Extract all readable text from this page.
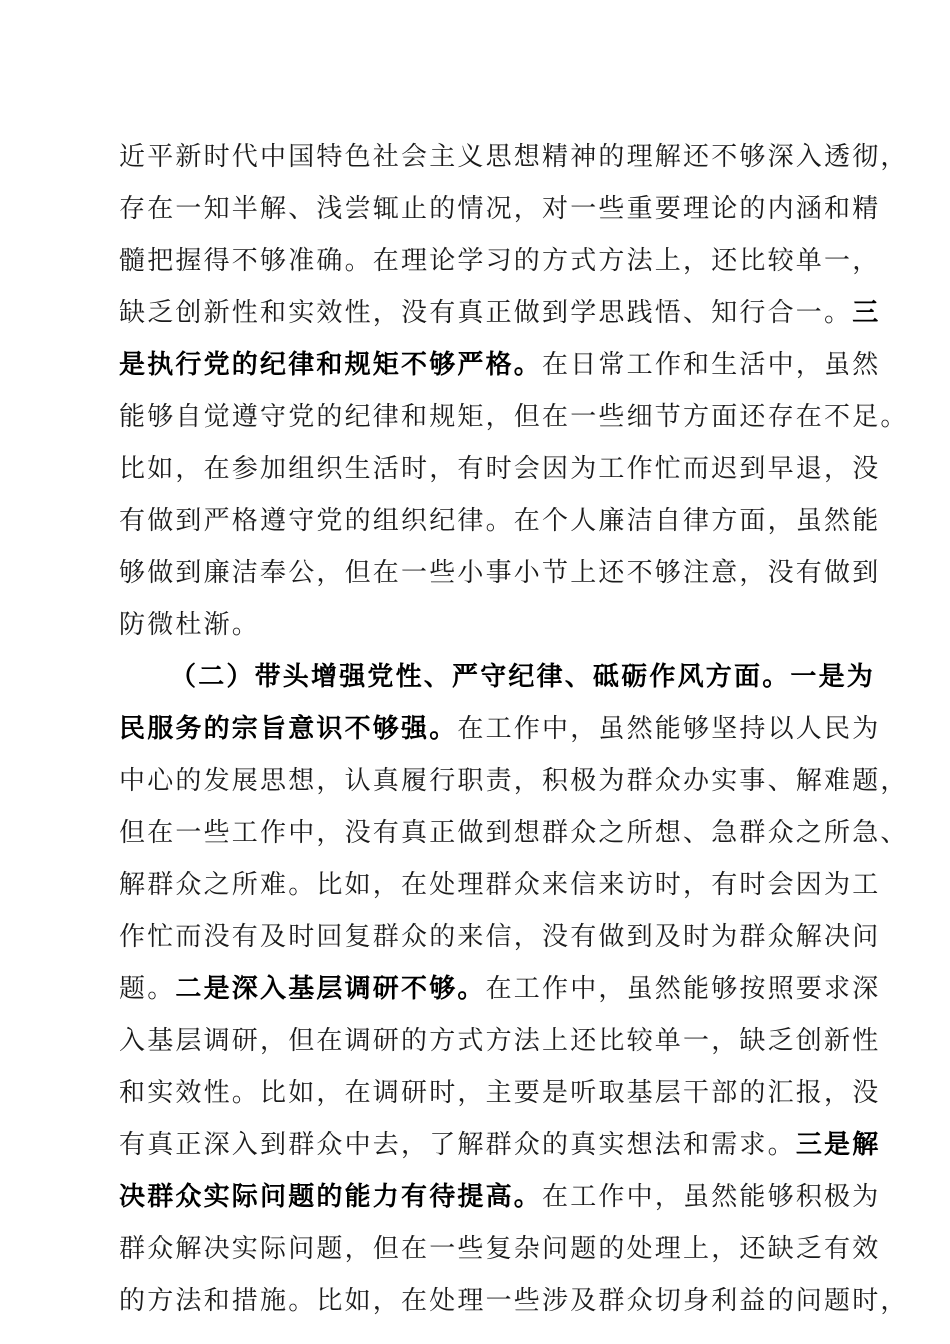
近平新时代中国特色社会主义思想精神的理解还不够深入透彻，
存在一知半解、浅尝辄止的情况，对一些重要理论的内涵和精
髓把握得不够准确。在理论学习的方式方法上，还比较单一，
缺乏创新性和实效性，没有真正做到学思践悟、知行合一。三
是执行党的纪律和规矩不够严格。在日常工作和生活中，虽然
能够自觉遵守党的纪律和规矩，但在一些细节方面还存在不足。
比如，在参加组织生活时，有时会因为工作忙而迟到早退，没
有做到严格遵守党的组织纪律。在个人廉洁自律方面，虽然能
够做到廉洁奉公，但在一些小事小节上还不够注意，没有做到
防微杜渐。
（二）带头增强党性、严守纪律、砥砺作风方面。一是为
民服务的宗旨意识不够强。在工作中，虽然能够坚持以人民为
中心的发展思想，认真履行职责，积极为群众办实事、解难题，
但在一些工作中，没有真正做到想群众之所想、急群众之所急、
解群众之所难。比如，在处理群众来信来访时，有时会因为工
作忙而没有及时回复群众的来信，没有做到及时为群众解决问
题。二是深入基层调研不够。在工作中，虽然能够按照要求深
入基层调研，但在调研的方式方法上还比较单一，缺乏创新性
和实效性。比如，在调研时，主要是听取基层干部的汇报，没
有真正深入到群众中去，了解群众的真实想法和需求。三是解
决群众实际问题的能力有待提高。在工作中，虽然能够积极为
群众解决实际问题，但在一些复杂问题的处理上，还缺乏有效
的方法和措施。比如，在处理一些涉及群众切身利益的问题时，
